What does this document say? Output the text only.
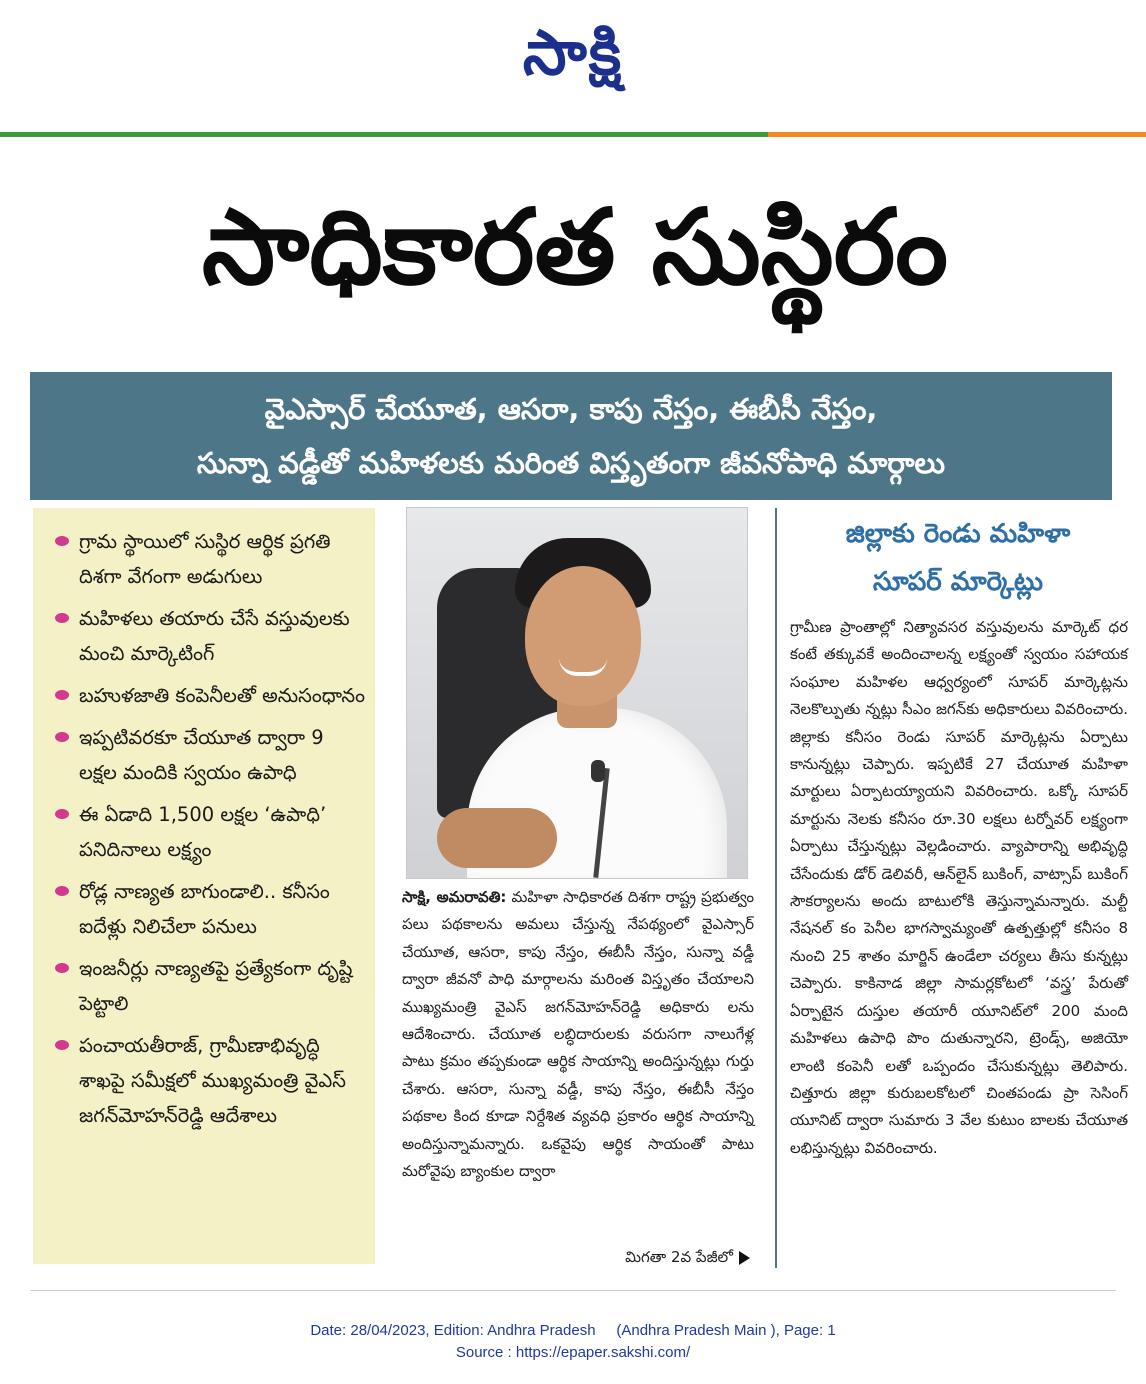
సాక్షి
సాధికారత సుస్థిరం
వైఎస్సార్ చేయూత, ఆసరా, కాపు నేస్తం, ఈబీసీ నేస్తం,
సున్నా వడ్డీతో మహిళలకు మరింత విస్తృతంగా జీవనోపాధి మార్గాలు
గ్రామ స్థాయిలో సుస్థిర ఆర్థిక ప్రగతి దిశగా వేగంగా అడుగులు
మహిళలు తయారు చేసే వస్తువులకు మంచి మార్కెటింగ్
బహుళజాతి కంపెనీలతో అనుసంధానం
ఇప్పటివరకూ చేయూత ద్వారా 9 లక్షల మందికి స్వయం ఉపాధి
ఈ ఏడాది 1,500 లక్షల ‘ఉపాధి’ పనిదినాలు లక్ష్యం
రోడ్ల నాణ్యత బాగుండాలి.. కనీసం ఐదేళ్లు నిలిచేలా పనులు
ఇంజనీర్లు నాణ్యతపై ప్రత్యేకంగా దృష్టి పెట్టాలి
పంచాయతీరాజ్, గ్రామీణాభివృద్ధి శాఖపై సమీక్షలో ముఖ్యమంత్రి వైఎస్ జగన్‌మోహన్‌రెడ్డి ఆదేశాలు
సాక్షి, అమరావతి: మహిళా సాధికారత దిశగా రాష్ట్ర ప్రభుత్వం పలు పథకాలను అమలు చేస్తున్న నేపథ్యంలో వైఎస్సార్ చేయూత, ఆసరా, కాపు నేస్తం, ఈబీసీ నేస్తం, సున్నా వడ్డీ ద్వారా జీవనో పాధి మార్గాలను మరింత విస్తృతం చేయాలని ముఖ్యమంత్రి వైఎస్ జగన్‌మోహన్‌రెడ్డి అధికారు లను ఆదేశించారు. చేయూత లబ్ధిదారులకు వరుసగా నాలుగేళ్ల పాటు క్రమం తప్పకుండా ఆర్థిక సాయాన్ని అందిస్తున్నట్లు గుర్తు చేశారు. ఆసరా, సున్నా వడ్డీ, కాపు నేస్తం, ఈబీసీ నేస్తం పథకాల కింద కూడా నిర్దేశిత వ్యవధి ప్రకారం ఆర్థిక సాయాన్ని అందిస్తున్నామన్నారు. ఒకవైపు ఆర్థిక సాయంతో పాటు మరోవైపు బ్యాంకుల ద్వారా
మిగతా 2వ పేజీలో
జిల్లాకు రెండు మహిళా
సూపర్ మార్కెట్లు
గ్రామీణ ప్రాంతాల్లో నిత్యావసర వస్తువులను మార్కెట్ ధర కంటే తక్కువకే అందించాలన్న లక్ష్యంతో స్వయం సహాయక సంఘాల మహిళల ఆధ్వర్యంలో సూపర్ మార్కెట్లను నెలకొల్పుతు న్నట్లు సీఎం జగన్‌కు అధికారులు వివరించారు. జిల్లాకు కనీసం రెండు సూపర్ మార్కెట్లను ఏర్పాటు కానున్నట్లు చెప్పారు. ఇప్పటికే 27 చేయూత మహిళా మార్టులు ఏర్పాటయ్యాయని వివరించారు. ఒక్కో సూపర్ మార్టును నెలకు కనీసం రూ.30 లక్షలు టర్నోవర్ లక్ష్యంగా ఏర్పాటు చేస్తున్నట్లు వెల్లడించారు. వ్యాపారాన్ని అభివృద్ధి చేసేందుకు డోర్ డెలివరీ, ఆన్‌లైన్ బుకింగ్, వాట్సాప్ బుకింగ్ సౌకర్యాలను అందు బాటులోకి తెస్తున్నామన్నారు. మల్టీ నేషనల్ కం పెనీల భాగస్వామ్యంతో ఉత్పత్తుల్లో కనీసం 8 నుంచి 25 శాతం మార్జిన్ ఉండేలా చర్యలు తీసు కున్నట్లు చెప్పారు. కాకినాడ జిల్లా సామర్లకోటలో ‘వస్త్ర’ పేరుతో ఏర్పాటైన దుస్తుల తయారీ యూనిట్‌లో 200 మంది మహిళలు ఉపాధి పొం దుతున్నారని, ట్రెండ్స్, అజియో లాంటి కంపెనీ లతో ఒప్పందం చేసుకున్నట్లు తెలిపారు. చిత్తూరు జిల్లా కురుబలకోటలో చింతపండు ప్రా సెసింగ్ యూనిట్ ద్వారా సుమారు 3 వేల కుటుం బాలకు చేయూత లభిస్తున్నట్లు వివరించారు.
Date: 28/04/2023, Edition: Andhra Pradesh     (Andhra Pradesh Main ), Page: 1
Source : https://epaper.sakshi.com/
